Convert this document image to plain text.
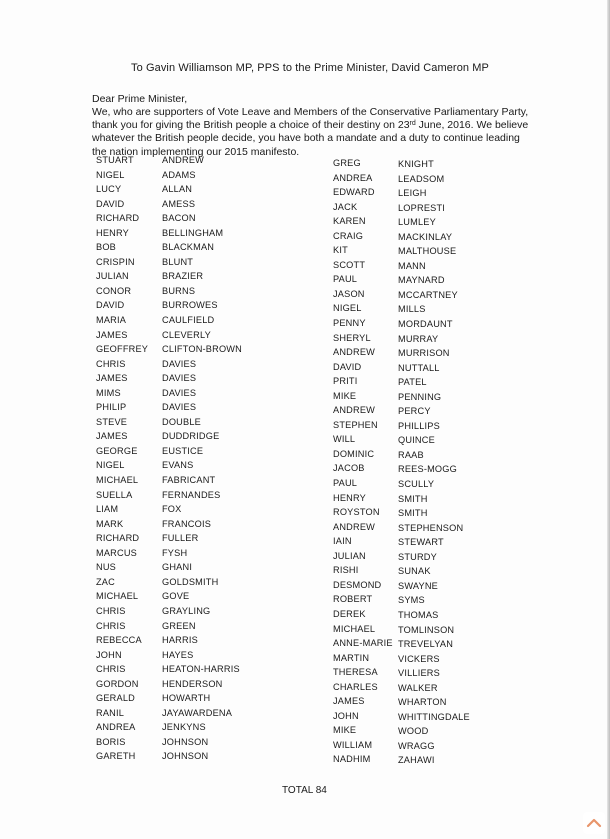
To Gavin Williamson MP, PPS to the Prime Minister, David Cameron MP
Dear Prime Minister,
We, who are supporters of Vote Leave and Members of the Conservative Parliamentary Party, thank you for giving the British people a choice of their destiny on 23rd June, 2016. We believe whatever the British people decide, you have both a mandate and a duty to continue leading the nation implementing our 2015 manifesto.
STUART
NIGEL
LUCY
DAVID
RICHARD
HENRY
BOB
CRISPIN
JULIAN
CONOR
DAVID
MARIA
JAMES
GEOFFREY
CHRIS
JAMES
MIMS
PHILIP
STEVE
JAMES
GEORGE
NIGEL
MICHAEL
SUELLA
LIAM
MARK
RICHARD
MARCUS
NUS
ZAC
MICHAEL
CHRIS
CHRIS
REBECCA
JOHN
CHRIS
GORDON
GERALD
RANIL
ANDREA
BORIS
GARETH
ANDREW
ADAMS
ALLAN
AMESS
BACON
BELLINGHAM
BLACKMAN
BLUNT
BRAZIER
BURNS
BURROWES
CAULFIELD
CLEVERLY
CLIFTON-BROWN
DAVIES
DAVIES
DAVIES
DAVIES
DOUBLE
DUDDRIDGE
EUSTICE
EVANS
FABRICANT
FERNANDES
FOX
FRANCOIS
FULLER
FYSH
GHANI
GOLDSMITH
GOVE
GRAYLING
GREEN
HARRIS
HAYES
HEATON-HARRIS
HENDERSON
HOWARTH
JAYAWARDENA
JENKYNS
JOHNSON
JOHNSON
GREG
ANDREA
EDWARD
JACK
KAREN
CRAIG
KIT
SCOTT
PAUL
JASON
NIGEL
PENNY
SHERYL
ANDREW
DAVID
PRITI
MIKE
ANDREW
STEPHEN
WILL
DOMINIC
JACOB
PAUL
HENRY
ROYSTON
ANDREW
IAIN
JULIAN
RISHI
DESMOND
ROBERT
DEREK
MICHAEL
ANNE-MARIE
MARTIN
THERESA
CHARLES
JAMES
JOHN
MIKE
WILLIAM
NADHIM
KNIGHT
LEADSOM
LEIGH
LOPRESTI
LUMLEY
MACKINLAY
MALTHOUSE
MANN
MAYNARD
MCCARTNEY
MILLS
MORDAUNT
MURRAY
MURRISON
NUTTALL
PATEL
PENNING
PERCY
PHILLIPS
QUINCE
RAAB
REES-MOGG
SCULLY
SMITH
SMITH
STEPHENSON
STEWART
STURDY
SUNAK
SWAYNE
SYMS
THOMAS
TOMLINSON
TREVELYAN
VICKERS
VILLIERS
WALKER
WHARTON
WHITTINGDALE
WOOD
WRAGG
ZAHAWI
TOTAL 84
